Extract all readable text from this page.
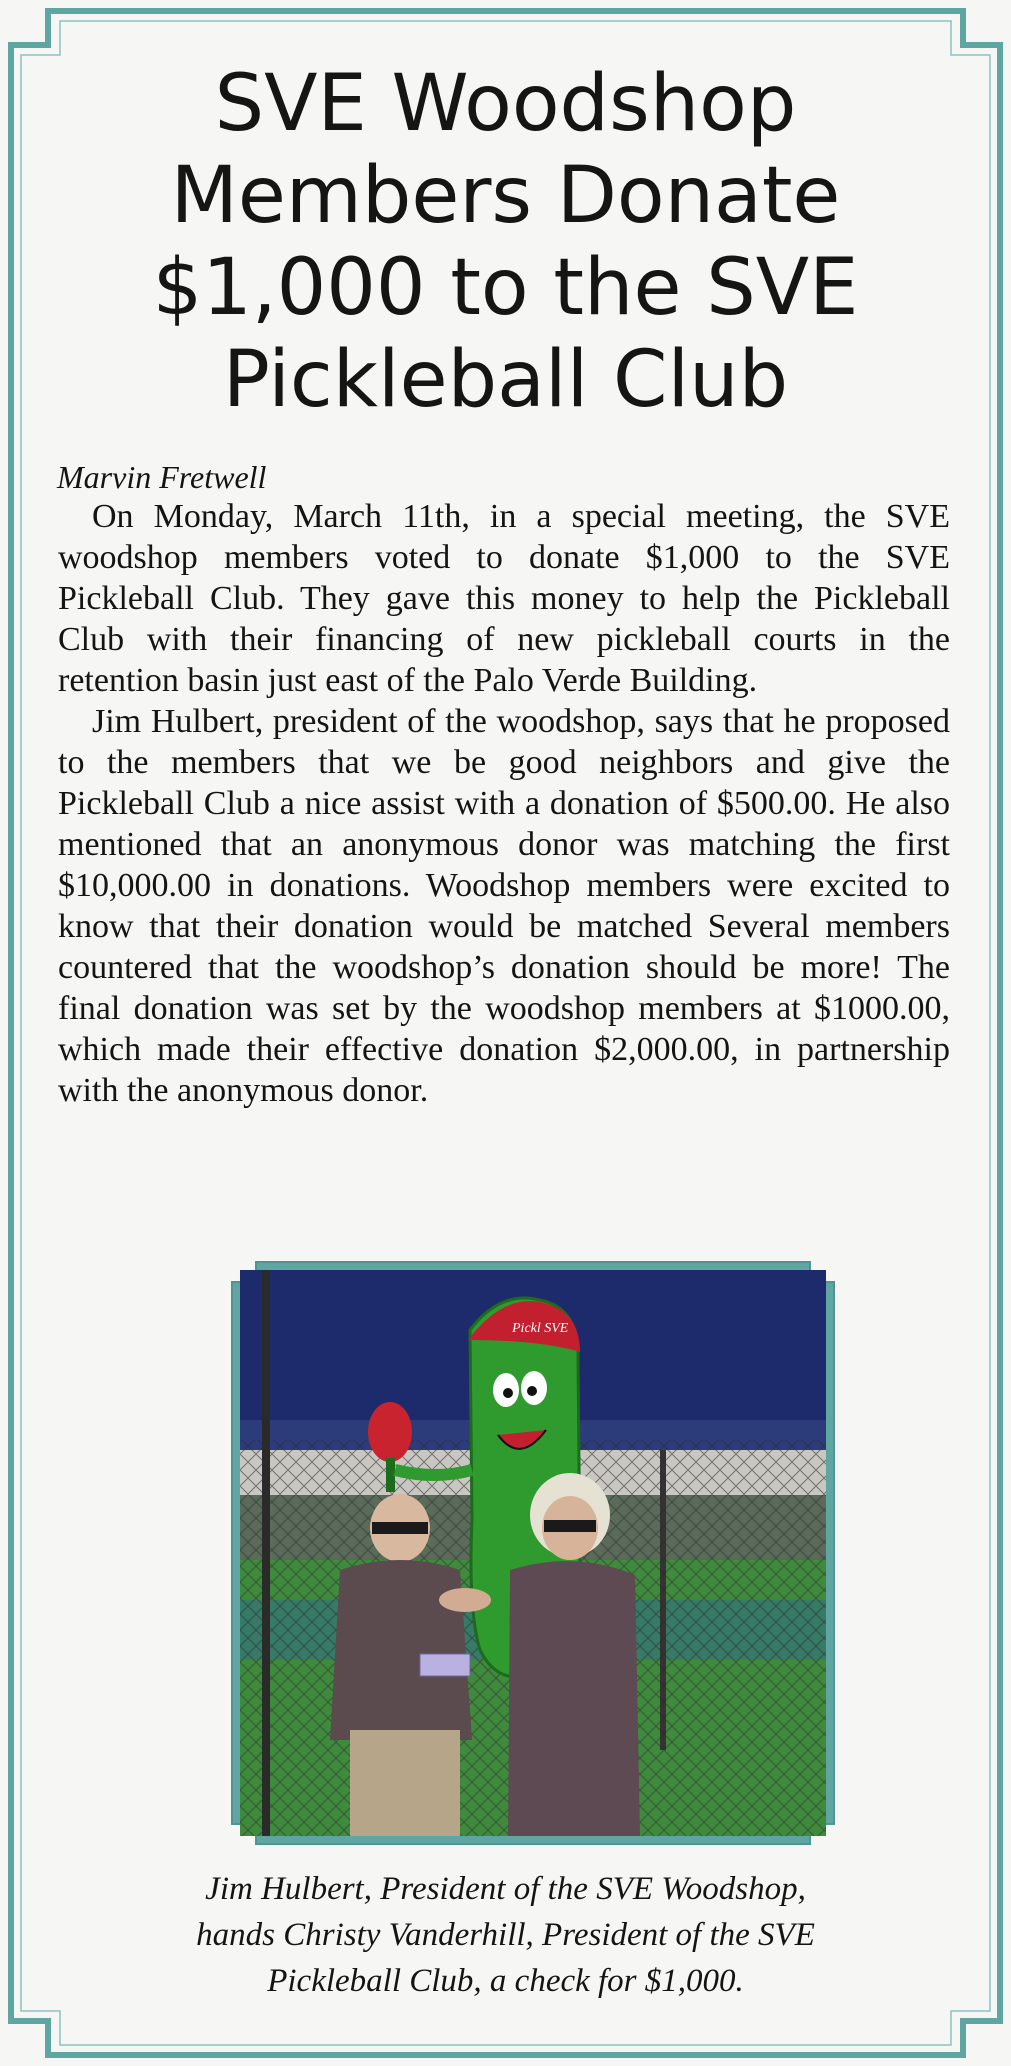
SVE Woodshop Members Donate $1,000 to the SVE Pickleball Club
Marvin Fretwell

On Monday, March 11th, in a special meeting, the SVE woodshop members voted to donate $1,000 to the SVE Pickleball Club. They gave this money to help the Pickleball Club with their financing of new pickleball courts in the retention basin just east of the Palo Verde Building.

Jim Hulbert, president of the woodshop, says that he proposed to the members that we be good neighbors and give the Pickleball Club a nice assist with a donation of $500.00. He also mentioned that an anonymous donor was matching the first $10,000.00 in donations. Woodshop members were excited to know that their donation would be matched Several members countered that the woodshop’s donation should be more! The final donation was set by the woodshop members at $1000.00, which made their effective donation $2,000.00, in partnership with the anonymous donor.

Pickl SVE
Jim Hulbert, President of the SVE Woodshop,
hands Christy Vanderhill, President of the SVE
Pickleball Club, a check for $1,000.
